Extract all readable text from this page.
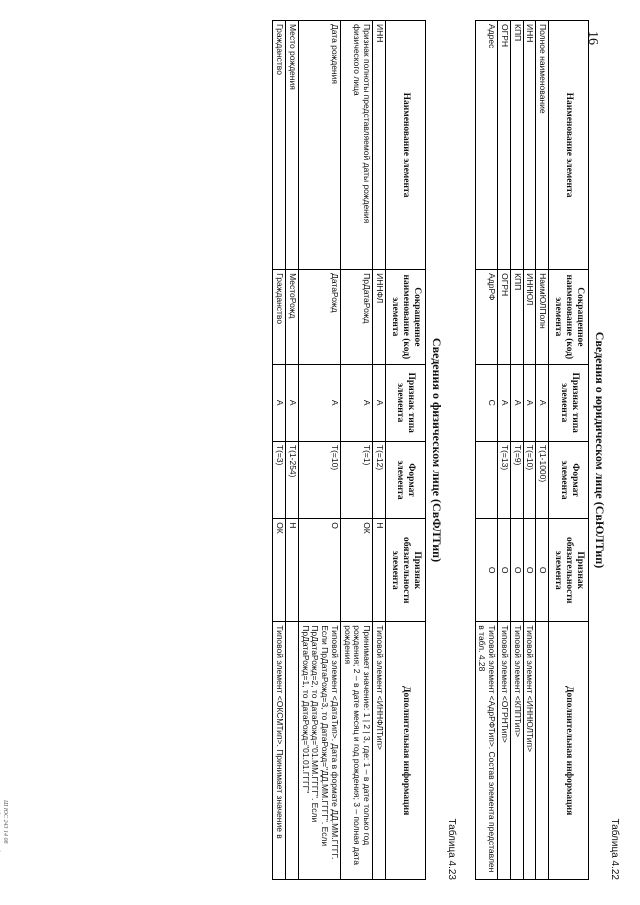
16
Таблица 4.22
Сведения о юридическом лице (СвЮЛТип)
Наименование элемента	Сокращенное наименование (код) элемента	Признак типа элемента	Формат элемента	Признак обязательности элемента	Дополнительная информация
Полное наименование	НаимЮЛПолн	А	Т(1-1000)	О	
ИНН	ИННЮЛ	А	Т(=10)	О	Типовой элемент <ИННЮЛТип>
КПП	КПП	А	Т(=9)	О	Типовой элемент <КППТип>
ОГРН	ОГРН	А	Т(=13)	О	Типовой элемент <ОГРНТип>
Адрес	АдрРФ	С		О	Типовой элемент <АдрРФТип>. Состав элемента представлен в табл. 4.28
Таблица 4.23
Сведения о физическом лице (СвФЛТип)
Наименование элемента	Сокращенное наименование (код) элемента	Признак типа элемента	Формат элемента	Признак обязательности элемента	Дополнительная информация
ИНН	ИННФЛ	А	Т(=12)	Н	Типовой элемент <ИННФЛТип>
Признак полноты представляемой даты рождения физического лица	ПрДатаРожд	А	Т(=1)	ОК	Принимает значение: 1 | 2 | 3, где: 1 – в дате только год рождения; 2 – в дате месяц и год рождения; 3 – полная дата рождения
Дата рождения	ДатаРожд	А	Т(=10)	О	Типовой элемент <ДатаТип>. Дата в формате ДД.ММ.ГГГГ. Если ПрДатаРожд=3, то ДатаРожд="ДД.ММ.ГГГГ". Если ПрДатаРожд=2, то ДатаРожд="01.ММ.ГГГГ". Если ПрДатаРожд=1, то ДатаРожд="01.01.ГГГГ"
Место рождения	МестоРожд	А	Т(1-254)	Н	
Гражданство	Гражданство	А	Т(=3)	ОК	Типовой элемент <ОКСМТип>. Принимает значение в
Ш ЮС 243 14 08
